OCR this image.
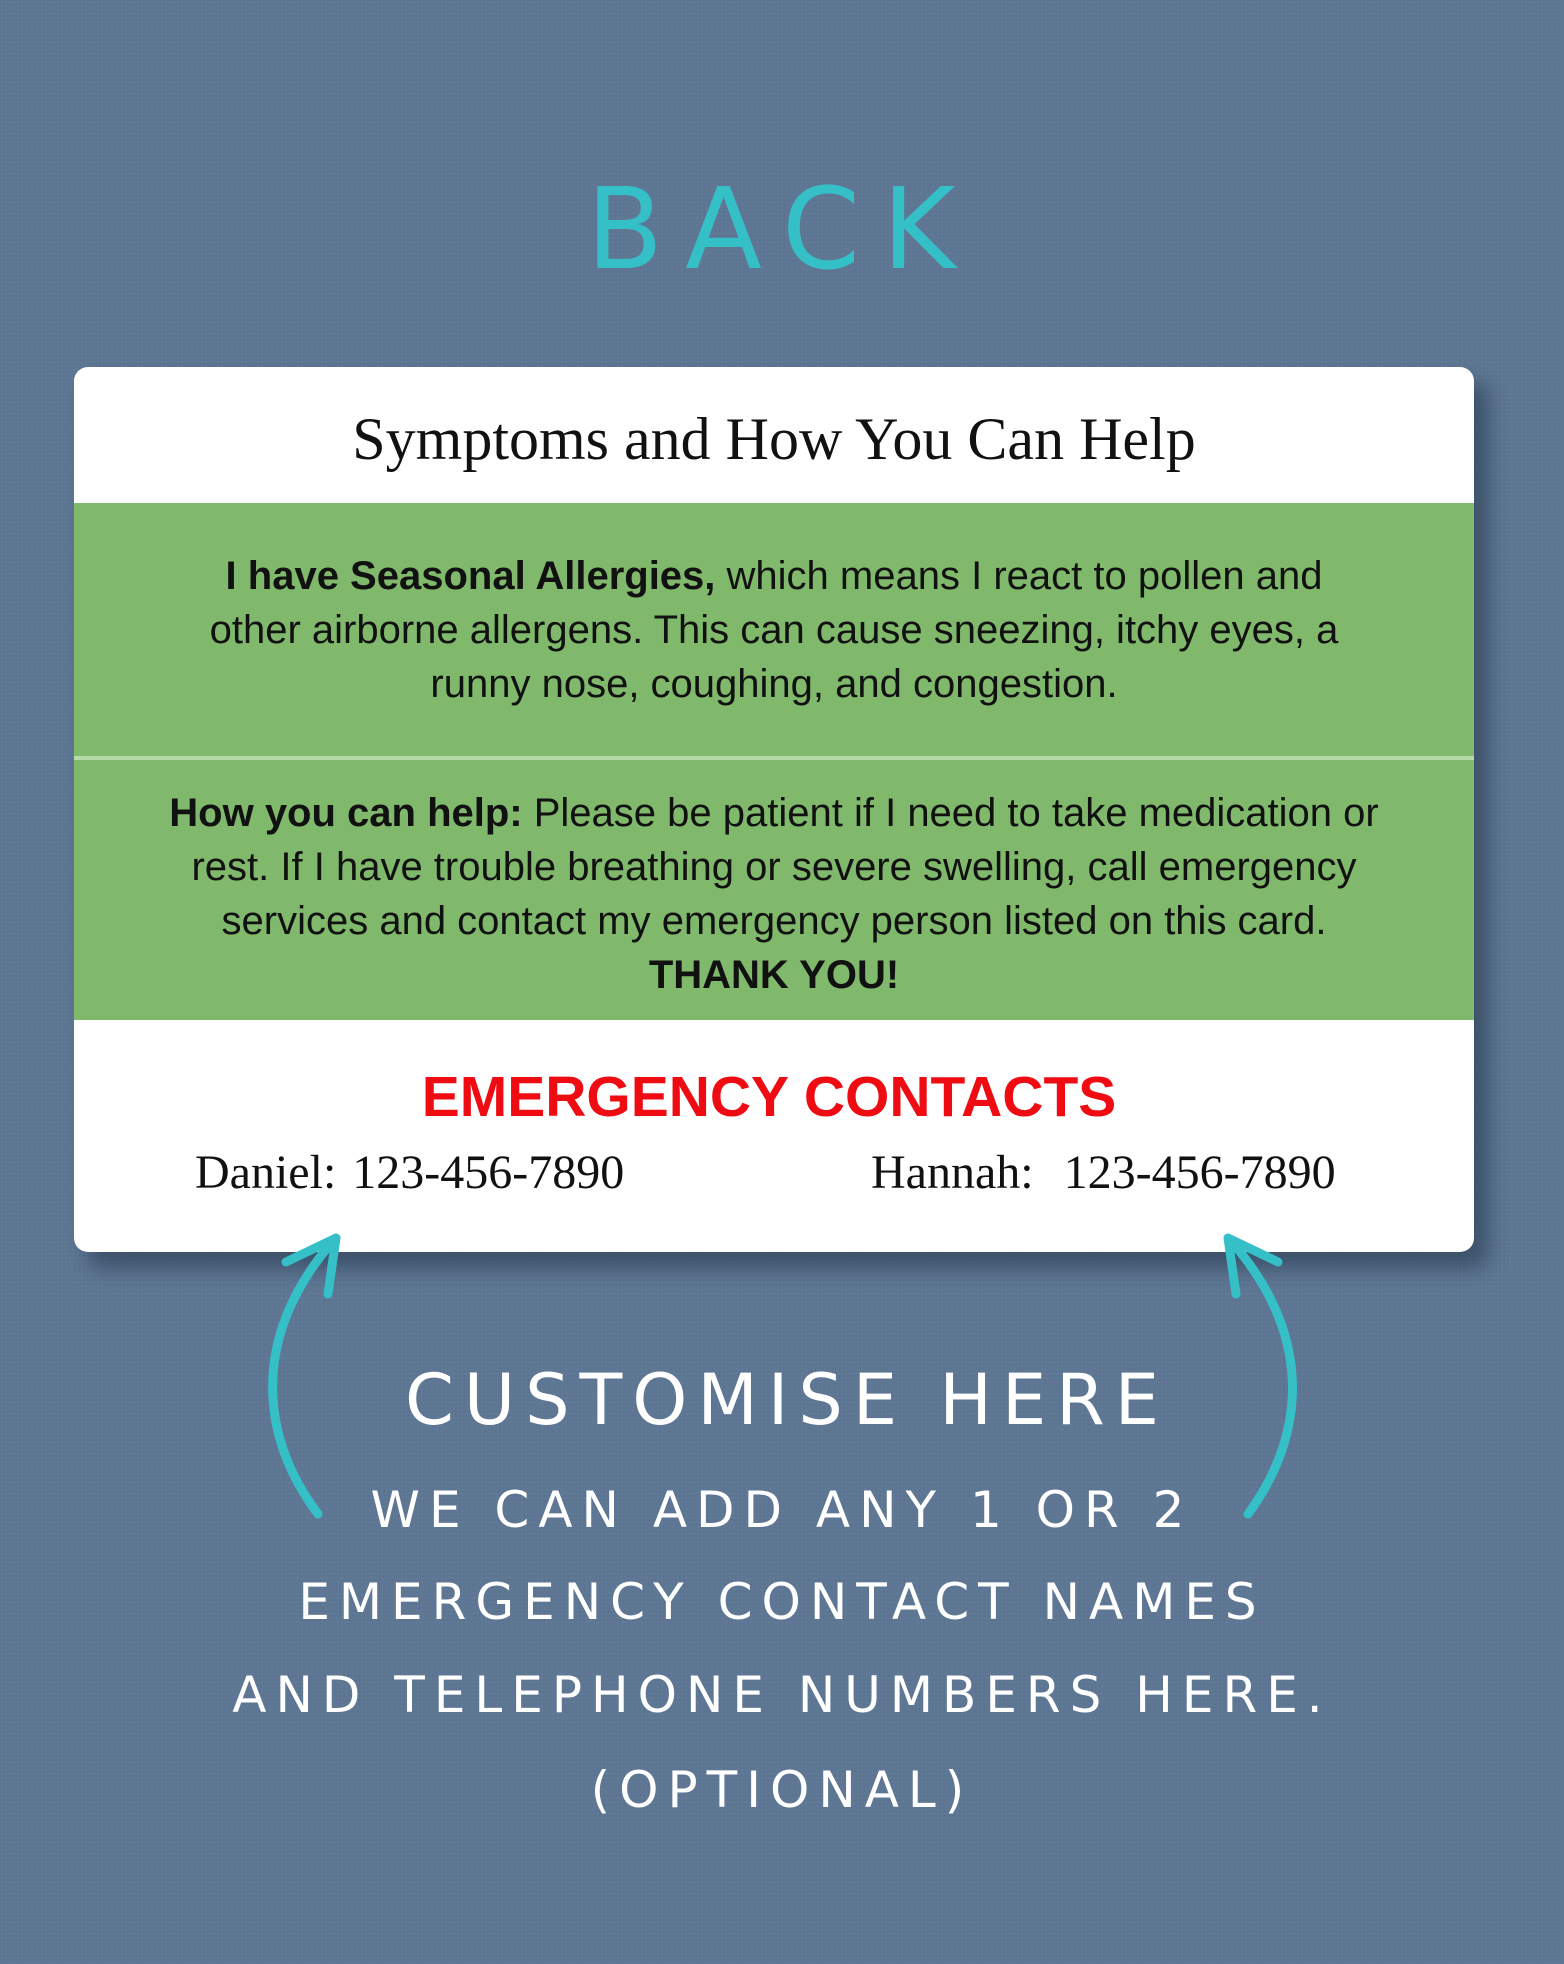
BACK
Symptoms and How You Can Help
I have Seasonal Allergies, which means I react to pollen and other airborne allergens. This can cause sneezing, itchy eyes, a runny nose, coughing, and congestion.
How you can help: Please be patient if I need to take medication or rest. If I have trouble breathing or severe swelling, call emergency services and contact my emergency person listed on this card. THANK YOU!
EMERGENCY CONTACTS
Daniel: 123-456-7890	Hannah: 123-456-7890
CUSTOMISE HERE
WE CAN ADD ANY 1 OR 2
EMERGENCY CONTACT NAMES
AND TELEPHONE NUMBERS HERE.
(OPTIONAL)
